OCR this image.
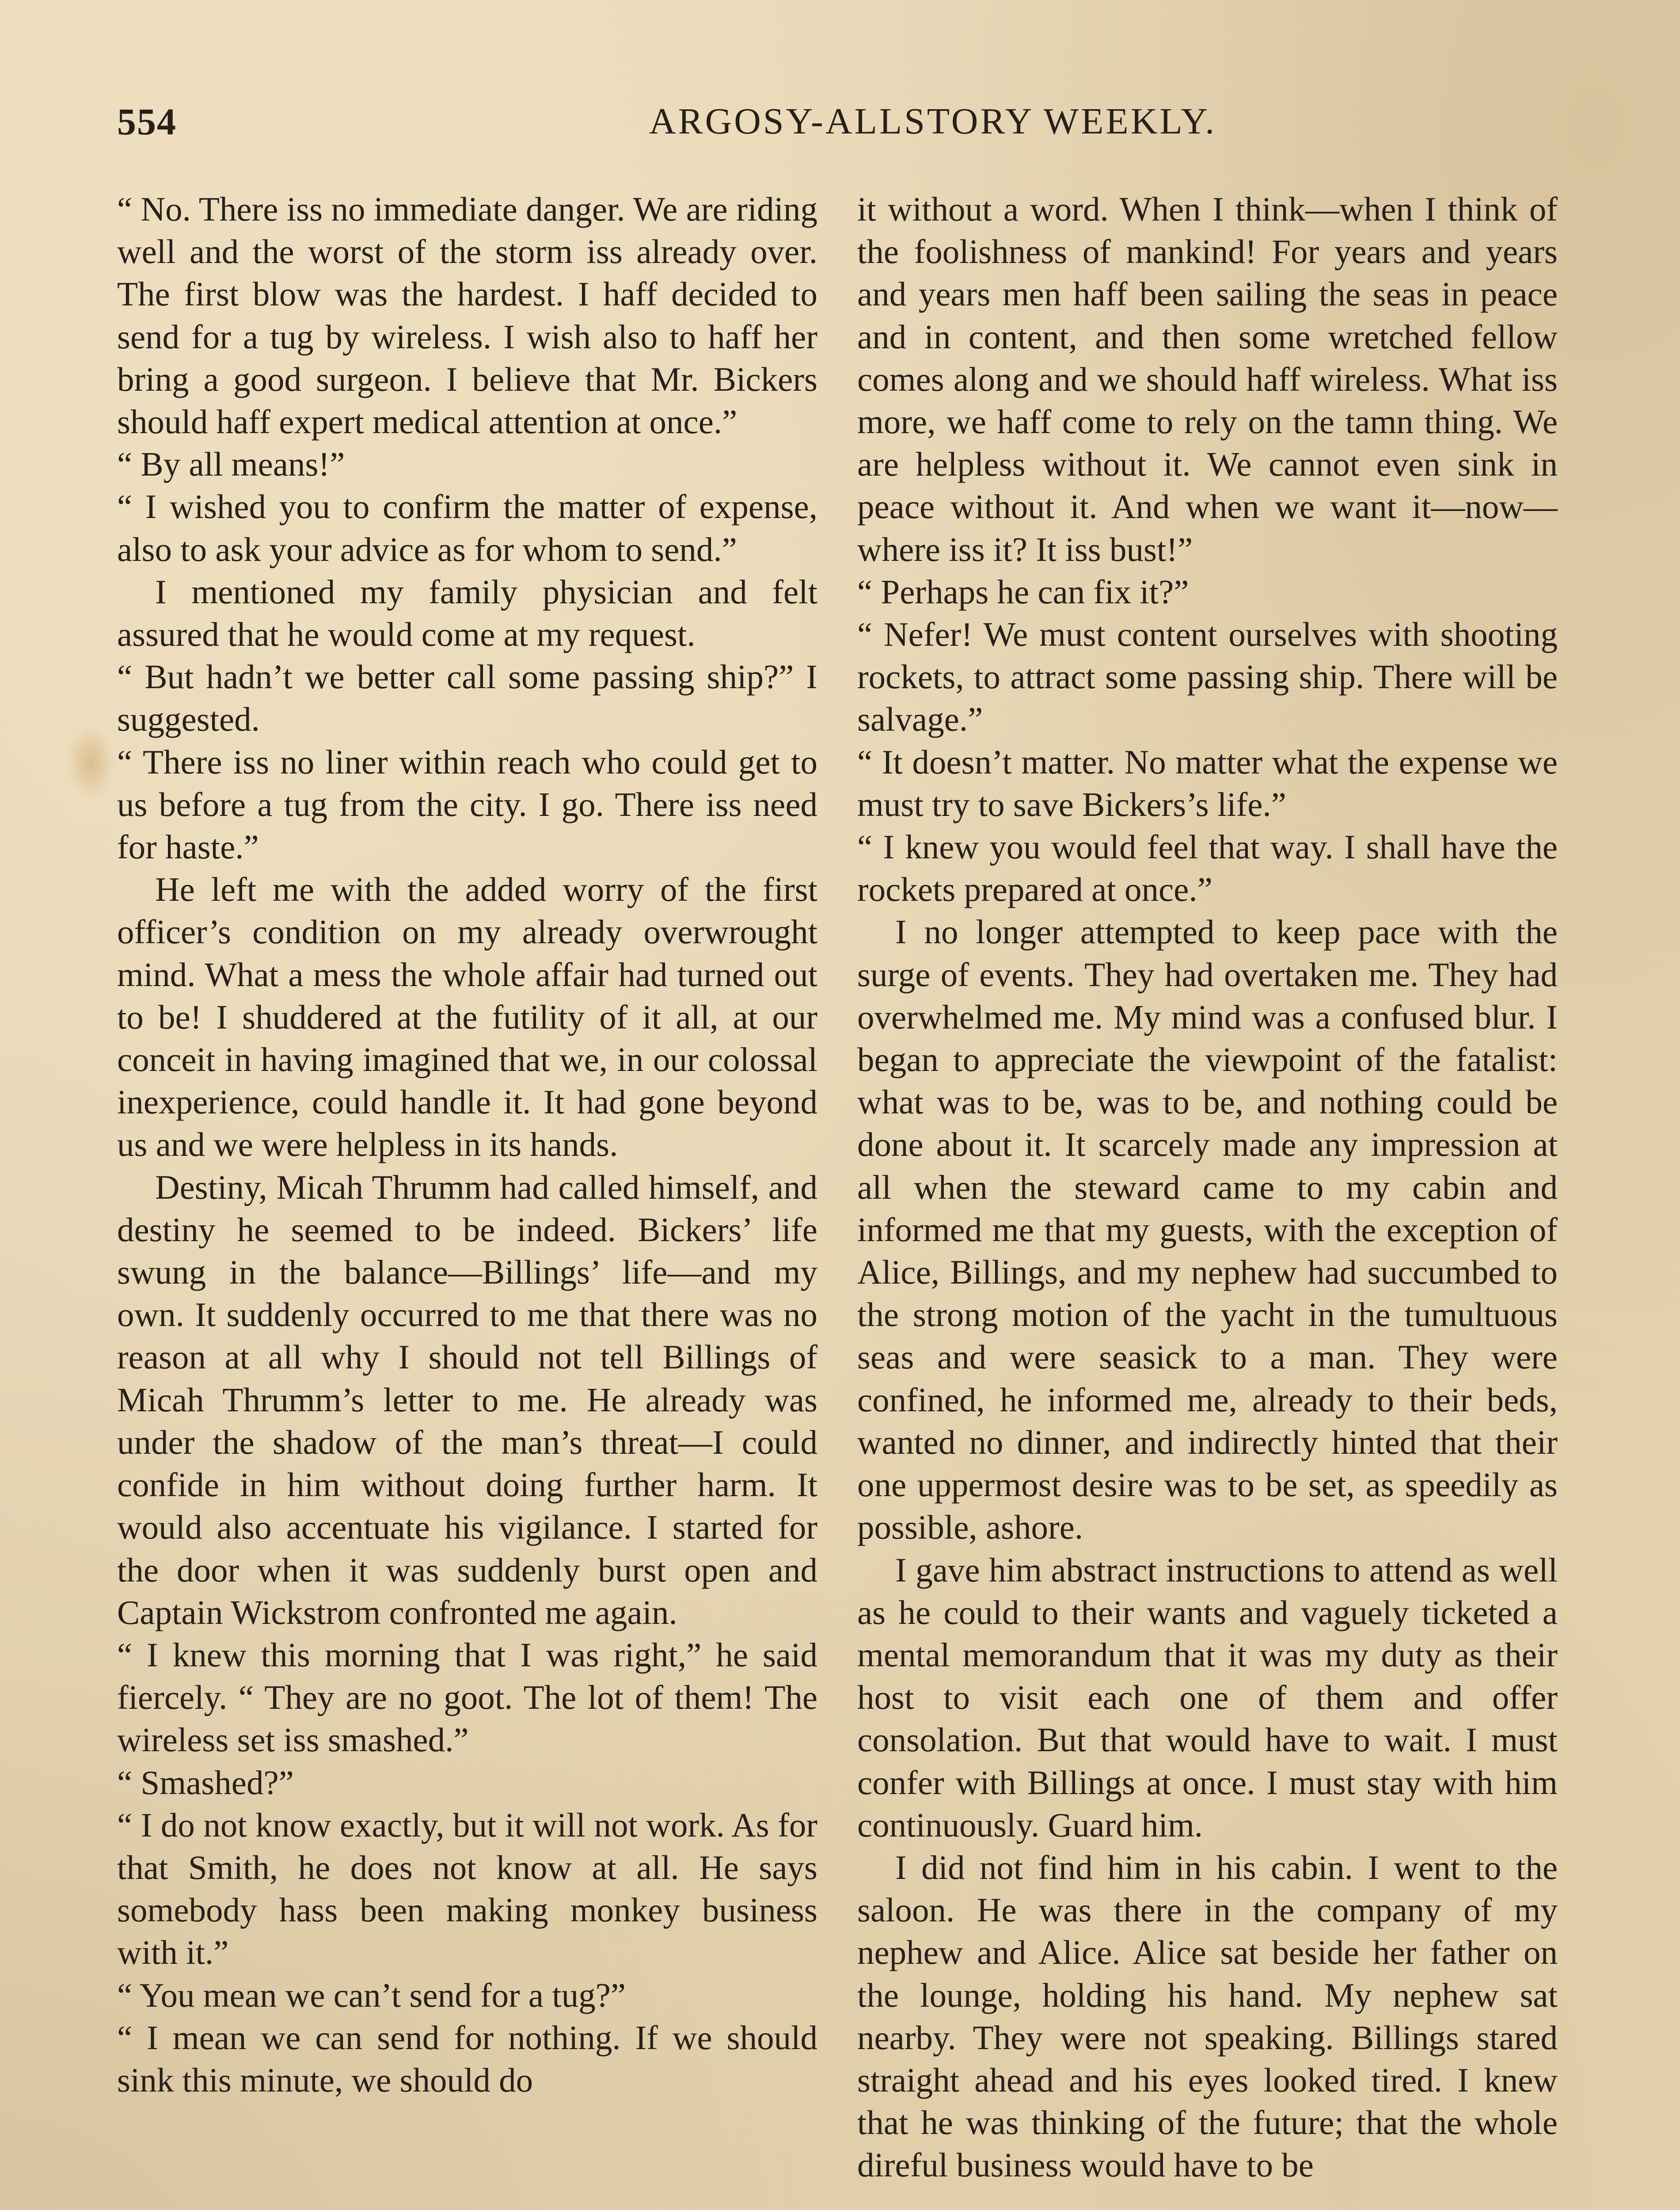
554	ARGOSY-ALLSTORY WEEKLY.

“ No. There iss no immediate danger. We are riding well and the worst of the storm iss already over. The first blow was the hardest. I haff decided to send for a tug by wireless. I wish also to haff her bring a good surgeon. I believe that Mr. Bickers should haff expert medical attention at once.”

“ By all means!”

“ I wished you to confirm the matter of expense, also to ask your advice as for whom to send.”

I mentioned my family physician and felt assured that he would come at my request.

“ But hadn’t we better call some passing ship?” I suggested.

“ There iss no liner within reach who could get to us before a tug from the city. I go. There iss need for haste.”

He left me with the added worry of the first officer’s condition on my already overwrought mind. What a mess the whole affair had turned out to be! I shuddered at the futility of it all, at our conceit in having imagined that we, in our colossal inexperience, could handle it. It had gone beyond us and we were helpless in its hands.

Destiny, Micah Thrumm had called himself, and destiny he seemed to be indeed. Bickers’ life swung in the balance—Billings’ life—and my own. It suddenly occurred to me that there was no reason at all why I should not tell Billings of Micah Thrumm’s letter to me. He already was under the shadow of the man’s threat—I could confide in him without doing further harm. It would also accentuate his vigilance. I started for the door when it was suddenly burst open and Captain Wickstrom confronted me again.

“ I knew this morning that I was right,” he said fiercely. “ They are no goot. The lot of them! The wireless set iss smashed.”

“ Smashed?”

“ I do not know exactly, but it will not work. As for that Smith, he does not know at all. He says somebody hass been making monkey business with it.”

“ You mean we can’t send for a tug?”

“ I mean we can send for nothing. If we should sink this minute, we should do

it without a word. When I think—when I think of the foolishness of mankind! For years and years and years men haff been sailing the seas in peace and in content, and then some wretched fellow comes along and we should haff wireless. What iss more, we haff come to rely on the tamn thing. We are helpless without it. We cannot even sink in peace without it. And when we want it—now—where iss it? It iss bust!”

“ Perhaps he can fix it?”

“ Nefer! We must content ourselves with shooting rockets, to attract some passing ship. There will be salvage.”

“ It doesn’t matter. No matter what the expense we must try to save Bickers’s life.”

“ I knew you would feel that way. I shall have the rockets prepared at once.”

I no longer attempted to keep pace with the surge of events. They had overtaken me. They had overwhelmed me. My mind was a confused blur. I began to appreciate the viewpoint of the fatalist: what was to be, was to be, and nothing could be done about it. It scarcely made any impression at all when the steward came to my cabin and informed me that my guests, with the exception of Alice, Billings, and my nephew had succumbed to the strong motion of the yacht in the tumultuous seas and were seasick to a man. They were confined, he informed me, already to their beds, wanted no dinner, and indirectly hinted that their one uppermost desire was to be set, as speedily as possible, ashore.

I gave him abstract instructions to attend as well as he could to their wants and vaguely ticketed a mental memorandum that it was my duty as their host to visit each one of them and offer consolation. But that would have to wait. I must confer with Billings at once. I must stay with him continuously. Guard him.

I did not find him in his cabin. I went to the saloon. He was there in the company of my nephew and Alice. Alice sat beside her father on the lounge, holding his hand. My nephew sat nearby. They were not speaking. Billings stared straight ahead and his eyes looked tired. I knew that he was thinking of the future; that the whole direful business would have to be
